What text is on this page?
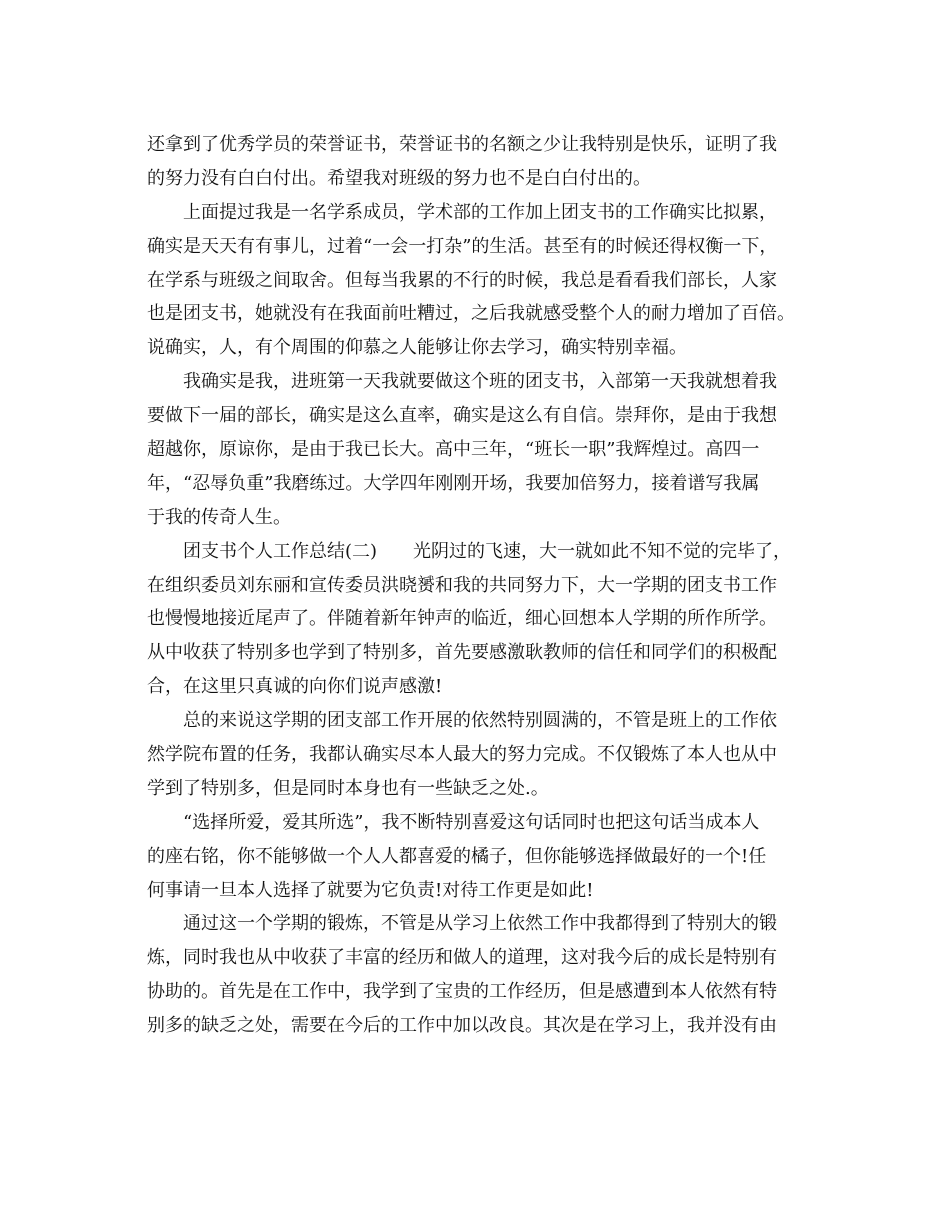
还拿到了优秀学员的荣誉证书，荣誉证书的名额之少让我特别是快乐，证明了我
的努力没有白白付出。希望我对班级的努力也不是白白付出的。
　　上面提过我是一名学系成员，学术部的工作加上团支书的工作确实比拟累，
确实是天天有有事儿，过着“一会一打杂”的生活。甚至有的时候还得权衡一下，
在学系与班级之间取舍。但每当我累的不行的时候，我总是看看我们部长，人家
也是团支书，她就没有在我面前吐糟过，之后我就感受整个人的耐力增加了百倍。
说确实，人，有个周围的仰慕之人能够让你去学习，确实特别幸福。
　　我确实是我，进班第一天我就要做这个班的团支书，入部第一天我就想着我
要做下一届的部长，确实是这么直率，确实是这么有自信。崇拜你，是由于我想
超越你，原谅你，是由于我已长大。高中三年，“班长一职”我辉煌过。高四一
年，“忍辱负重”我磨练过。大学四年刚刚开场，我要加倍努力，接着谱写我属
于我的传奇人生。
　　团支书个人工作总结(二)　　光阴过的飞速，大一就如此不知不觉的完毕了，
在组织委员刘东丽和宣传委员洪晓赟和我的共同努力下，大一学期的团支书工作
也慢慢地接近尾声了。伴随着新年钟声的临近，细心回想本人学期的所作所学。
从中收获了特别多也学到了特别多，首先要感激耿教师的信任和同学们的积极配
合，在这里只真诚的向你们说声感激!
　　总的来说这学期的团支部工作开展的依然特别圆满的，不管是班上的工作依
然学院布置的任务，我都认确实尽本人最大的努力完成。不仅锻炼了本人也从中
学到了特别多，但是同时本身也有一些缺乏之处.。
　　“选择所爱，爱其所选”，我不断特别喜爱这句话同时也把这句话当成本人
的座右铭，你不能够做一个人人都喜爱的橘子，但你能够选择做最好的一个!任
何事请一旦本人选择了就要为它负责!对待工作更是如此!
　　通过这一个学期的锻炼，不管是从学习上依然工作中我都得到了特别大的锻
炼，同时我也从中收获了丰富的经历和做人的道理，这对我今后的成长是特别有
协助的。首先是在工作中，我学到了宝贵的工作经历，但是感遭到本人依然有特
别多的缺乏之处，需要在今后的工作中加以改良。其次是在学习上，我并没有由
